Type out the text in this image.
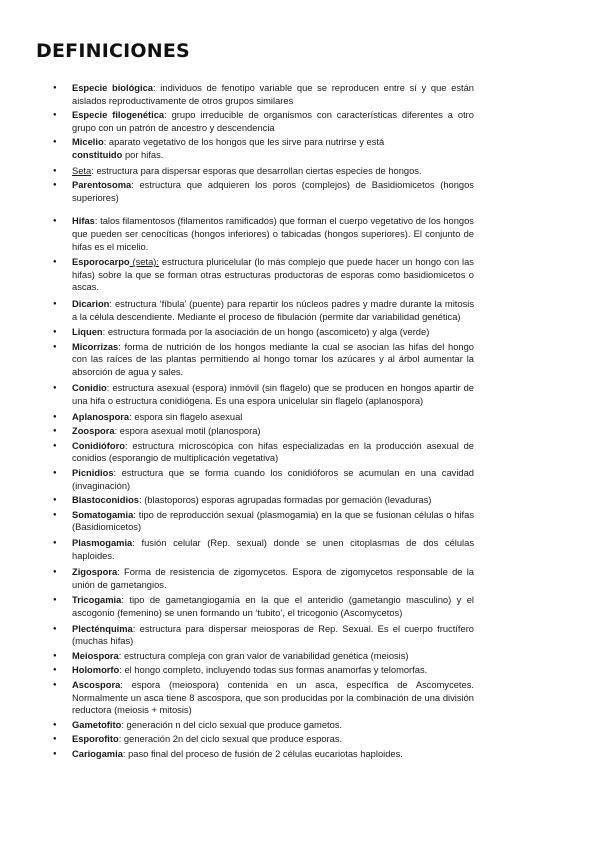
DEFINICIONES
● Especie biológica: individuos de fenotipo variable que se reproducen entre sí y que están aislados reproductivamente de otros grupos similares
● Especie filogenética: grupo irreducible de organismos con características diferentes a otro grupo con un patrón de ancestro y descendencia
● Micelio: aparato vegetativo de los hongos que les sirve para nutrirse y está
constituido por hifas.
● Seta: estructura para dispersar esporas que desarrollan ciertas especies de hongos.
● Parentosoma: estructura que adquieren los poros (complejos) de Basidiomicetos (hongos superiores)
● Hifas: talos filamentosos (filamentos ramificados) que forman el cuerpo vegetativo de los hongos que pueden ser cenocíticas (hongos inferiores) o tabicadas (hongos superiores). El conjunto de hifas es el micelio.
● Esporocarpo (seta): estructura pluricelular (lo más complejo que puede hacer un hongo con las hifas) sobre la que se forman otras estructuras productoras de esporas como basidiomicetos o ascas.
● Dicarion: estructura ‘fíbula’ (puente) para repartir los núcleos padres y madre durante la mitosis a la célula descendiente. Mediante el proceso de fibulación (permite dar variabilidad genética)
● Liquen: estructura formada por la asociación de un hongo (ascomiceto) y alga (verde)
● Micorrizas: forma de nutrición de los hongos mediante la cual se asocian las hifas del hongo con las raíces de las plantas permitiendo al hongo tomar los azúcares y al árbol aumentar la absorción de agua y sales.
● Conidio: estructura asexual (espora) inmóvil (sin flagelo) que se producen en hongos apartir de una hifa o estructura conidiógena. Es una espora unicelular sin flagelo (aplanospora)
● Aplanospora: espora sin flagelo asexual
● Zoospora: espora asexual motil (planospora)
● Conidióforo: estructura microscópica con hifas especializadas en la producción asexual de conidios (esporangio de multiplicación vegetativa)
● Picnidios: estructura que se forma cuando los conidióforos se acumulan en una cavidad (invaginación)
● Blastoconidios: (blastoporos) esporas agrupadas formadas por gemación (levaduras)
● Somatogamia: tipo de reproducción sexual (plasmogamia) en la que se fusionan células o hifas (Basidiomicetos)
● Plasmogamia: fusión celular (Rep. sexual) donde se unen citoplasmas de dos células haploides.
● Zigospora: Forma de resistencia de zigomycetos. Espora de zigomycetos responsable de la unión de gametangios.
● Tricogamia: tipo de gametangiogamia en la que el anteridio (gametangio masculino) y el ascogonio (femenino) se unen formando un ‘tubito’, el tricogonio (Ascomycetos)
● Plecténquima: estructura para dispersar meiosporas de Rep. Sexual. Es el cuerpo fructífero (muchas hifas)
● Meiospora: estructura compleja con gran valor de variabilidad genética (meiosis)
● Holomorfo: el hongo completo, incluyendo todas sus formas anamorfas y telomorfas.
● Ascospora: espora (meiospora) contenida en un asca, específica de Ascomycetes. Normalmente un asca tiene 8 ascospora, que son producidas por la combinación de una división reductora (meiosis + mitosis)
● Gametofito: generación n del ciclo sexual que produce gametos.
● Esporofito: generación 2n del ciclo sexual que produce esporas.
● Cariogamia: paso final del proceso de fusión de 2 células eucariotas haploides.
